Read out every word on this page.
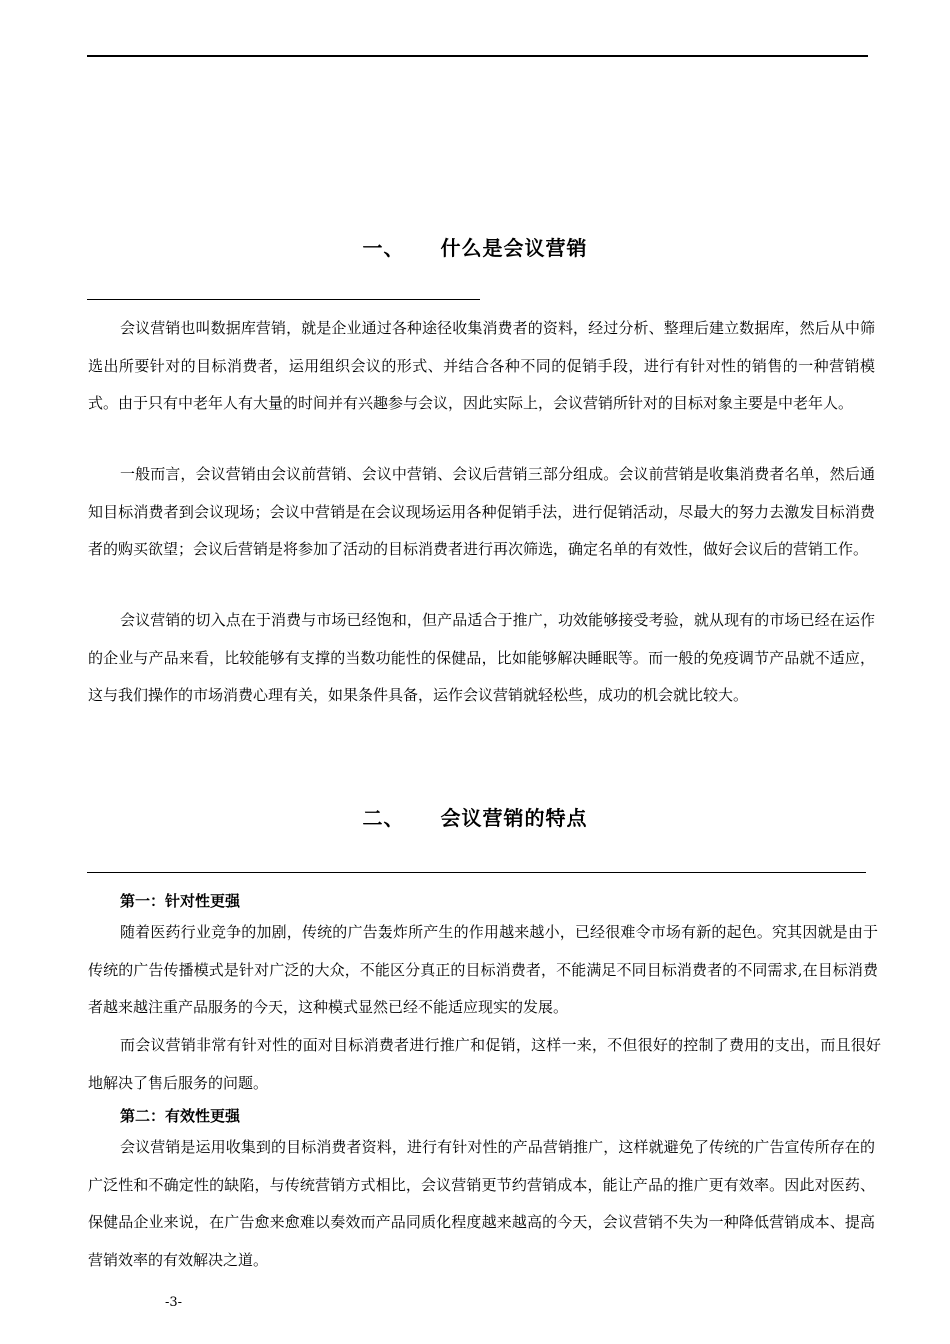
一、 什么是会议营销

会议营销也叫数据库营销，就是企业通过各种途径收集消费者的资料，经过分析、整理后建立数据库，然后从中筛选出所要针对的目标消费者，运用组织会议的形式、并结合各种不同的促销手段，进行有针对性的销售的一种营销模式。由于只有中老年人有大量的时间并有兴趣参与会议，因此实际上，会议营销所针对的目标对象主要是中老年人。

一般而言，会议营销由会议前营销、会议中营销、会议后营销三部分组成。会议前营销是收集消费者名单，然后通知目标消费者到会议现场；会议中营销是在会议现场运用各种促销手法，进行促销活动，尽最大的努力去激发目标消费者的购买欲望；会议后营销是将参加了活动的目标消费者进行再次筛选，确定名单的有效性，做好会议后的营销工作。

会议营销的切入点在于消费与市场已经饱和，但产品适合于推广，功效能够接受考验，就从现有的市场已经在运作的企业与产品来看，比较能够有支撑的当数功能性的保健品，比如能够解决睡眠等。而一般的免疫调节产品就不适应，这与我们操作的市场消费心理有关，如果条件具备，运作会议营销就轻松些，成功的机会就比较大。

二、 会议营销的特点

第一：针对性更强

随着医药行业竞争的加剧，传统的广告轰炸所产生的作用越来越小，已经很难令市场有新的起色。究其因就是由于传统的广告传播模式是针对广泛的大众，不能区分真正的目标消费者，不能满足不同目标消费者的不同需求,在目标消费者越来越注重产品服务的今天，这种模式显然已经不能适应现实的发展。

而会议营销非常有针对性的面对目标消费者进行推广和促销，这样一来，不但很好的控制了费用的支出，而且很好地解决了售后服务的问题。

第二：有效性更强

会议营销是运用收集到的目标消费者资料，进行有针对性的产品营销推广，这样就避免了传统的广告宣传所存在的广泛性和不确定性的缺陷，与传统营销方式相比，会议营销更节约营销成本，能让产品的推广更有效率。因此对医药、保健品企业来说，在广告愈来愈难以奏效而产品同质化程度越来越高的今天，会议营销不失为一种降低营销成本、提高营销效率的有效解决之道。

-3-
